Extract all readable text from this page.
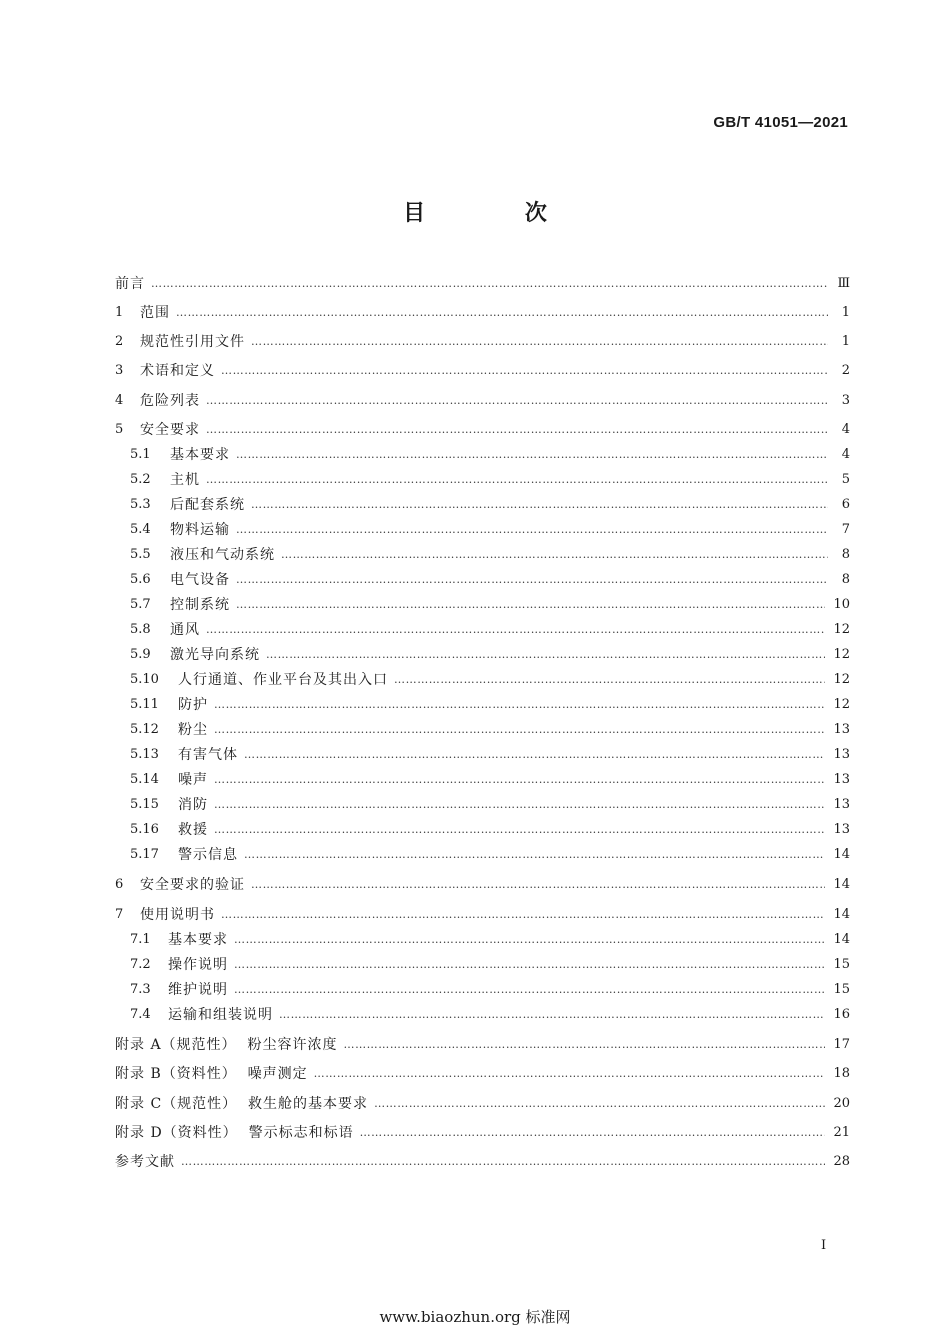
GB/T 41051—2021
目 次
前言 ……………………………………………………………………………………………………………………………………………………………………………………………………………………………	Ⅲ
1	范围 ……………………………………………………………………………………………………………………………………………………………………………………………………………………………	1
2	规范性引用文件 ……………………………………………………………………………………………………………………………………………………………………………………………………………………………	1
3	术语和定义 ……………………………………………………………………………………………………………………………………………………………………………………………………………………………	2
4	危险列表 ……………………………………………………………………………………………………………………………………………………………………………………………………………………………	3
5	安全要求 ……………………………………………………………………………………………………………………………………………………………………………………………………………………………	4
5.1	基本要求 ……………………………………………………………………………………………………………………………………………………………………………………………………………………………	4
5.2	主机 ……………………………………………………………………………………………………………………………………………………………………………………………………………………………	5
5.3	后配套系统 ……………………………………………………………………………………………………………………………………………………………………………………………………………………………	6
5.4	物料运输 ……………………………………………………………………………………………………………………………………………………………………………………………………………………………	7
5.5	液压和气动系统 ……………………………………………………………………………………………………………………………………………………………………………………………………………………………	8
5.6	电气设备 ……………………………………………………………………………………………………………………………………………………………………………………………………………………………	8
5.7	控制系统 ……………………………………………………………………………………………………………………………………………………………………………………………………………………………	10
5.8	通风 ……………………………………………………………………………………………………………………………………………………………………………………………………………………………	12
5.9	激光导向系统 ……………………………………………………………………………………………………………………………………………………………………………………………………………………………	12
5.10	人行通道、作业平台及其出入口 ……………………………………………………………………………………………………………………………………………………………………………………………………………………………	12
5.11	防护 ……………………………………………………………………………………………………………………………………………………………………………………………………………………………	12
5.12	粉尘 ……………………………………………………………………………………………………………………………………………………………………………………………………………………………	13
5.13	有害气体 ……………………………………………………………………………………………………………………………………………………………………………………………………………………………	13
5.14	噪声 ……………………………………………………………………………………………………………………………………………………………………………………………………………………………	13
5.15	消防 ……………………………………………………………………………………………………………………………………………………………………………………………………………………………	13
5.16	救援 ……………………………………………………………………………………………………………………………………………………………………………………………………………………………	13
5.17	警示信息 ……………………………………………………………………………………………………………………………………………………………………………………………………………………………	14
6	安全要求的验证 ……………………………………………………………………………………………………………………………………………………………………………………………………………………………	14
7	使用说明书 ……………………………………………………………………………………………………………………………………………………………………………………………………………………………	14
7.1	基本要求 ……………………………………………………………………………………………………………………………………………………………………………………………………………………………	14
7.2	操作说明 ……………………………………………………………………………………………………………………………………………………………………………………………………………………………	15
7.3	维护说明 ……………………………………………………………………………………………………………………………………………………………………………………………………………………………	15
7.4	运输和组装说明 ……………………………………………………………………………………………………………………………………………………………………………………………………………………………	16
附录 A（规范性）  粉尘容许浓度 ……………………………………………………………………………………………………………………………………………………………………………………………………………………………	17
附录 B（资料性）  噪声测定 ……………………………………………………………………………………………………………………………………………………………………………………………………………………………	18
附录 C（规范性）  救生舱的基本要求 ……………………………………………………………………………………………………………………………………………………………………………………………………………………………	20
附录 D（资料性）  警示标志和标语 ……………………………………………………………………………………………………………………………………………………………………………………………………………………………	21
参考文献 ……………………………………………………………………………………………………………………………………………………………………………………………………………………………	28
Ⅰ
www.biaozhun.org 标准网
